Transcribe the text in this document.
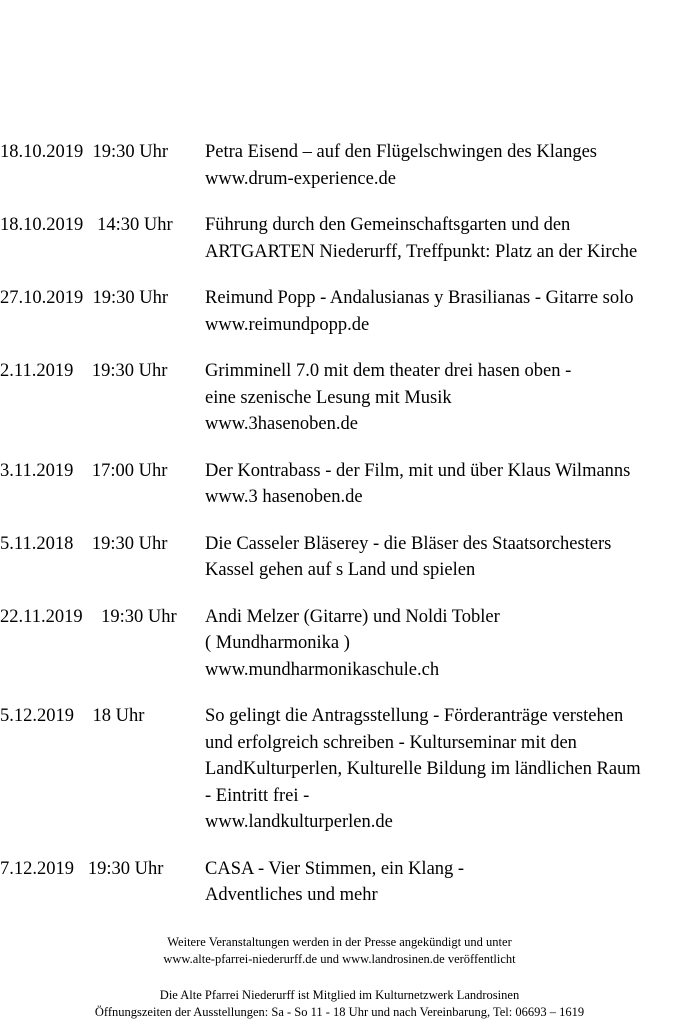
18.10.2019  19:30 Uhr Petra Eisend – auf den Flügelschwingen des Klanges
www.drum-experience.de
18.10.2019   14:30 Uhr Führung durch den Gemeinschaftsgarten und den
ARTGARTEN Niederurff, Treffpunkt: Platz an der Kirche
27.10.2019  19:30 Uhr Reimund Popp - Andalusianas y Brasilianas - Gitarre solo
www.reimundpopp.de
2.11.2019    19:30 Uhr Grimminell 7.0 mit dem theater drei hasen oben -
eine szenische Lesung mit Musik
www.3hasenoben.de
3.11.2019    17:00 Uhr Der Kontrabass - der Film, mit und über Klaus Wilmanns
www.3 hasenoben.de
5.11.2018    19:30 Uhr Die Casseler Bläserey - die Bläser des Staatsorchesters
Kassel gehen auf s Land und spielen
22.11.2019    19:30 Uhr Andi Melzer (Gitarre) und Noldi Tobler
( Mundharmonika )
www.mundharmonikaschule.ch
5.12.2019    18 Uhr	So gelingt die Antragsstellung - Förderanträge verstehen
und erfolgreich schreiben - Kulturseminar mit den
LandKulturperlen, Kulturelle Bildung im ländlichen Raum
- Eintritt frei -
www.landkulturperlen.de
7.12.2019   19:30 Uhr CASA - Vier Stimmen, ein Klang -
Adventliches und mehr
Weitere Veranstaltungen werden in der Presse angekündigt und unter
www.alte-pfarrei-niederurff.de und www.landrosinen.de veröffentlicht
Die Alte Pfarrei Niederurff ist Mitglied im Kulturnetzwerk Landrosinen
Öffnungszeiten der Ausstellungen: Sa - So 11 - 18 Uhr und nach Vereinbarung, Tel: 06693 – 1619
